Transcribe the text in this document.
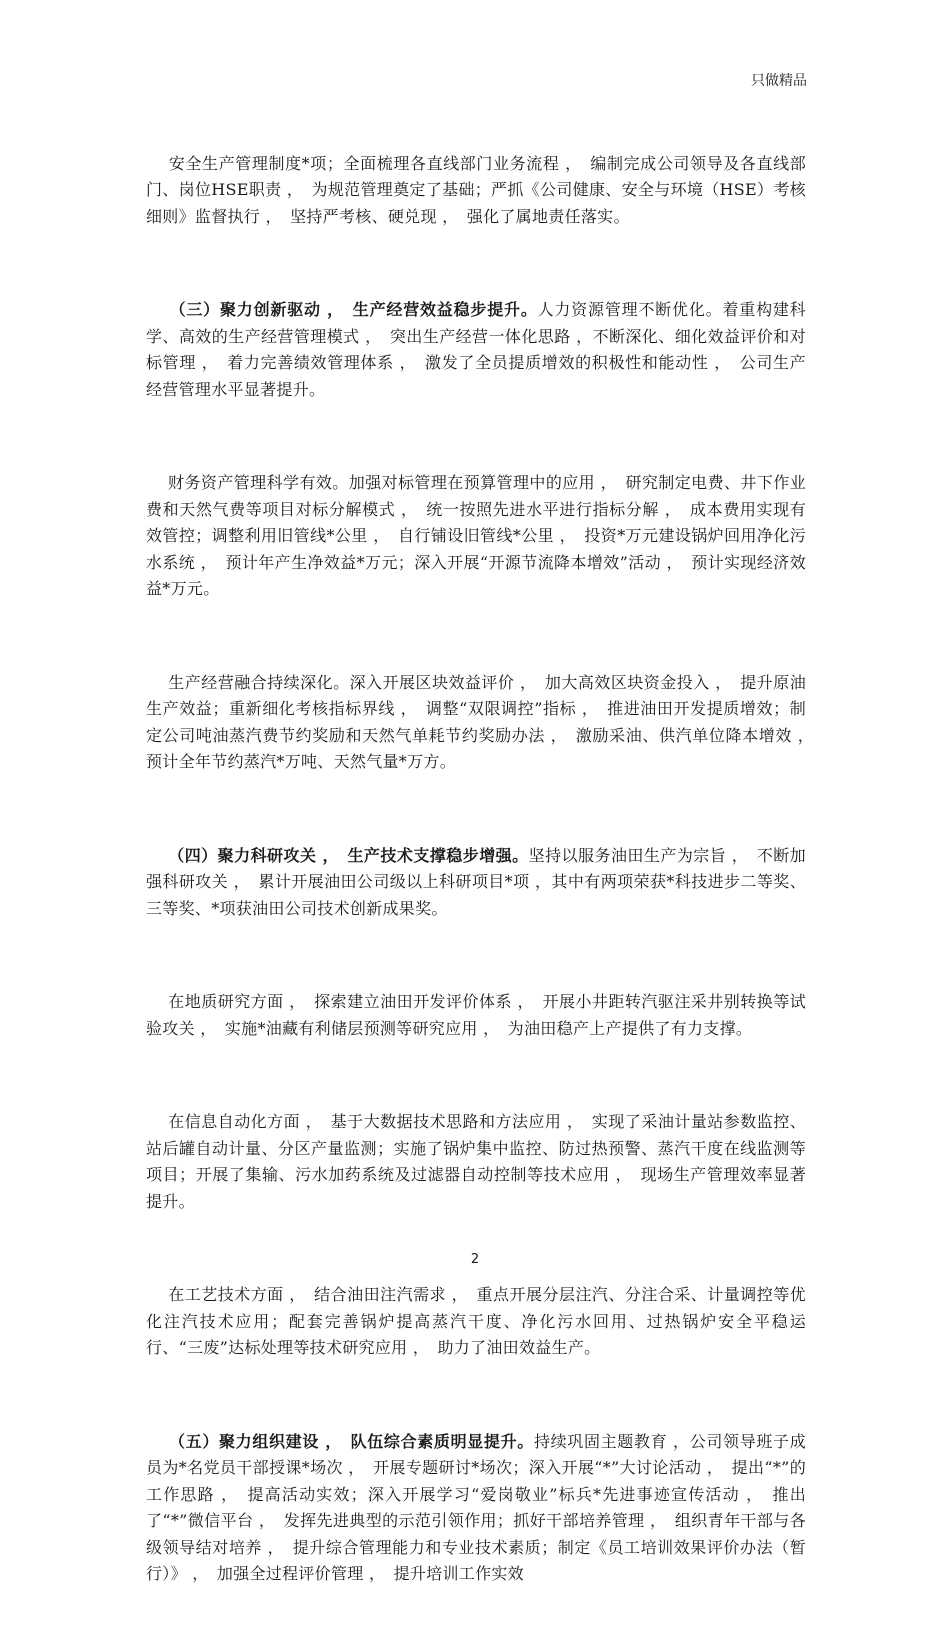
只做精品

安全生产管理制度*项；全面梳理各直线部门业务流程 ，　编制完成公司领导及各直线部门、岗位HSE职责 ，　为规范管理奠定了基础；严抓《公司健康、安全与环境（HSE）考核细则》监督执行 ，　坚持严考核、硬兑现 ，　强化了属地责任落实。

（三）聚力创新驱动 ，　生产经营效益稳步提升。人力资源管理不断优化。着重构建科学、高效的生产经营管理模式 ，　突出生产经营一体化思路 ，不断深化、细化效益评价和对标管理 ，　着力完善绩效管理体系 ，　激发了全员提质增效的积极性和能动性 ，　公司生产经营管理水平显著提升。

财务资产管理科学有效。加强对标管理在预算管理中的应用 ，　研究制定电费、井下作业费和天然气费等项目对标分解模式 ，　统一按照先进水平进行指标分解 ，　成本费用实现有效管控；调整利用旧管线*公里 ，　自行铺设旧管线*公里 ，　投资*万元建设锅炉回用净化污水系统 ，　预计年产生净效益*万元；深入开展“开源节流降本增效”活动 ，　预计实现经济效益*万元。

生产经营融合持续深化。深入开展区块效益评价 ，　加大高效区块资金投入 ，　提升原油生产效益；重新细化考核指标界线 ，　调整“双限调控”指标 ，　推进油田开发提质增效；制定公司吨油蒸汽费节约奖励和天然气单耗节约奖励办法 ，　激励采油、供汽单位降本增效 ，　预计全年节约蒸汽*万吨、天然气量*万方。

（四）聚力科研攻关 ，　生产技术支撑稳步增强。坚持以服务油田生产为宗旨 ，　不断加强科研攻关 ，　累计开展油田公司级以上科研项目*项 ，其中有两项荣获*科技进步二等奖、三等奖、*项获油田公司技术创新成果奖。

在地质研究方面 ，　探索建立油田开发评价体系 ，　开展小井距转汽驱注采井别转换等试验攻关 ，　实施*油藏有利储层预测等研究应用 ，　为油田稳产上产提供了有力支撑。

在信息自动化方面 ，　基于大数据技术思路和方法应用 ，　实现了采油计量站参数监控、站后罐自动计量、分区产量监测；实施了锅炉集中监控、防过热预警、蒸汽干度在线监测等项目；开展了集输、污水加药系统及过滤器自动控制等技术应用 ，　现场生产管理效率显著提升。

在工艺技术方面 ，　结合油田注汽需求 ，　重点开展分层注汽、分注合采、计量调控等优化注汽技术应用；配套完善锅炉提高蒸汽干度、净化污水回用、过热锅炉安全平稳运行、“三废”达标处理等技术研究应用 ，　助力了油田效益生产。

（五）聚力组织建设 ，　队伍综合素质明显提升。持续巩固主题教育 ，公司领导班子成员为*名党员干部授课*场次 ，　开展专题研讨*场次；深入开展“*”大讨论活动 ，　提出“*”的工作思路 ，　提高活动实效；深入开展学习“爱岗敬业”标兵*先进事迹宣传活动 ，　推出了“*”微信平台 ，　发挥先进典型的示范引领作用；抓好干部培养管理 ，　组织青年干部与各级领导结对培养 ，　提升综合管理能力和专业技术素质；制定《员工培训效果评价办法（暂行）》 ，　加强全过程评价管理 ，　提升培训工作实效

2
